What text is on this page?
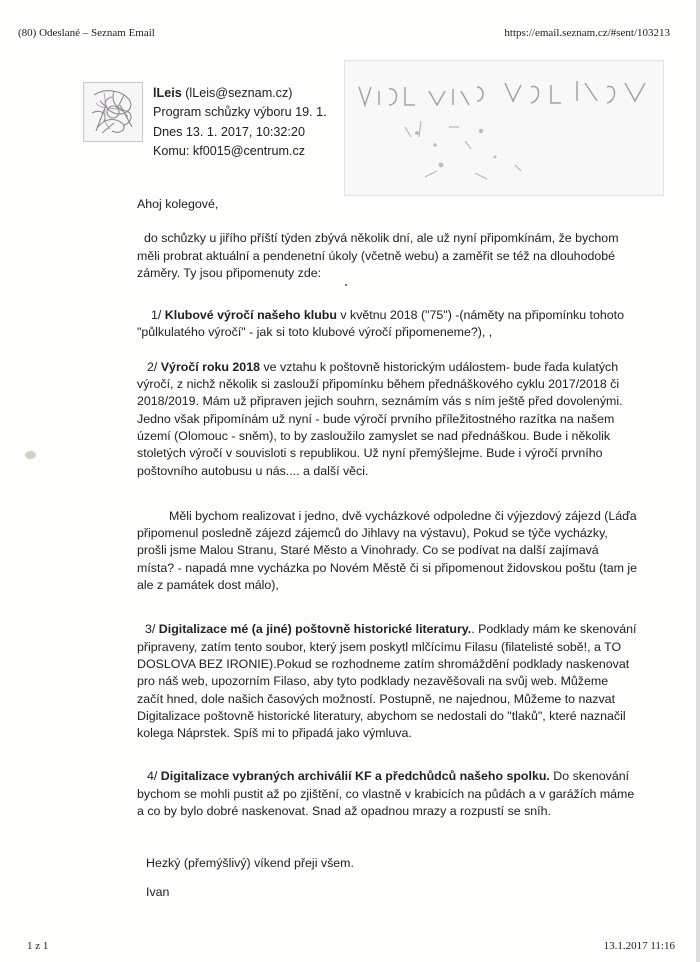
(80) Odeslané – Seznam Email	https://email.seznam.cz/#sent/103213
lLeis (lLeis@seznam.cz)
Program schůzky výboru 19. 1.
Dnes 13. 1. 2017, 10:32:20
Komu: kf0015@centrum.cz

Ahoj kolegové,

do schůzky u jiřího příští týden zbývá několik dní, ale už nyní připomkínám, že bychom měli probrat aktuální a pendenetní úkoly (včetně webu) a zaměřit se též na dlouhodobé záměry. Ty jsou připomenuty zde:

1/ Klubové výročí našeho klubu v květnu 2018 ("75") -(náměty na připomínku tohoto "půlkulatého výročí" - jak si toto klubové výročí připomeneme?), ,

2/ Výročí roku 2018 ve vztahu k poštovně historickým událostem- bude řada kulatých výročí, z nichž několik si zaslouží připomínku během přednáškového cyklu 2017/2018 či 2018/2019. Mám už připraven jejich souhrn, seznámím vás s ním ještě před dovolenými. Jedno však připomínám už nyní - bude výročí prvního příležitostného razítka na našem území (Olomouc - sněm), to by zasloužilo zamyslet se nad přednáškou. Bude i několik stoletých výročí v souvisloti s republikou. Už nyní přemýšlejme. Bude i výročí prvního poštovního autobusu u nás.... a další věci.

Měli bychom realizovat i jedno, dvě vycházkové odpoledne či výjezdový zájezd (Láďa připomenul posledně zájezd zájemců do Jihlavy na výstavu), Pokud se týče vycházky, prošli jsme Malou Stranu, Staré Město a Vinohrady. Co se podívat na další zajímavá místa? - napadá mne vycházka po Novém Městě či si připomenout židovskou poštu (tam je ale z památek dost málo),

3/ Digitalizace mé (a jiné) poštovně historické literatury.. Podklady mám ke skenování připraveny, zatím tento soubor, který jsem poskytl mlčícímu Filasu (filatelisté sobě!, a TO DOSLOVA BEZ IRONIE).Pokud se rozhodneme zatím shromáždění podklady naskenovat pro náš web, upozorním Filaso, aby tyto podklady nezavěšovali na svůj web. Můžeme začít hned, dole našich časových možností. Postupně, ne najednou, Můžeme to nazvat Digitalizace poštovně historické literatury, abychom se nedostali do "tlaků", které naznačil kolega Náprstek. Spíš mi to připadá jako výmluva.

4/ Digitalizace vybraných archiválií KF a předchůdců našeho spolku. Do skenování bychom se mohli pustit až po zjištění, co vlastně v krabicích na půdách a v garážích máme a co by bylo dobré naskenovat. Snad až opadnou mrazy a rozpustí se sníh.

Hezký (přemýšlivý) víkend přeji všem.

Ivan

1 z 1	13.1.2017 11:16
